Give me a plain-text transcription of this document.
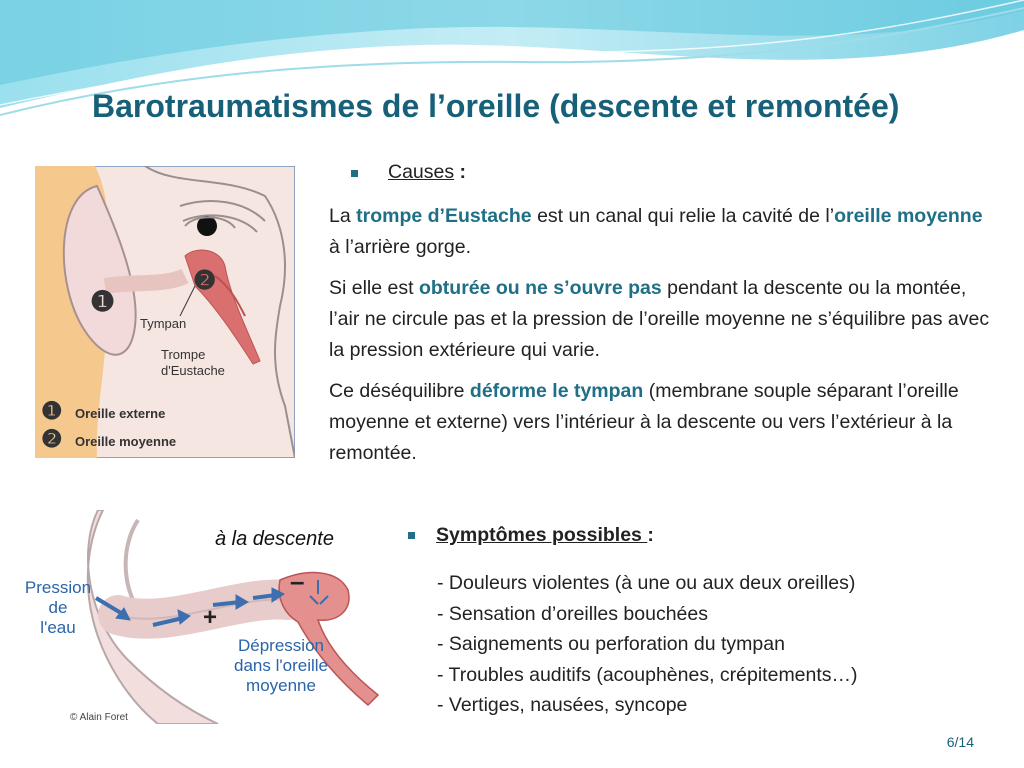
Barotraumatismes de l’oreille (descente et remontée)
❶
❷
Tympan
Trompe
d'Eustache
❶ Oreille externe
❷ Oreille moyenne
Causes :

La trompe d’Eustache est un canal qui relie la cavité de l’oreille moyenne à l’arrière gorge.

Si elle est obturée ou ne s’ouvre pas pendant la descente ou la montée, l’air ne circule pas et la pression de l’oreille moyenne ne s’équilibre pas avec la pression extérieure qui varie.

Ce déséquilibre déforme le tympan (membrane souple séparant l’oreille moyenne et externe) vers l’intérieur à la descente ou vers l’extérieur à la remontée.

+
–
Pression
de
l'eau
Dépression
dans l'oreille
moyenne
© Alain Foret
à la descente	Symptômes possibles :
- Douleurs violentes (à une ou aux deux oreilles)
- Sensation d’oreilles bouchées
- Saignements ou perforation du tympan
- Troubles auditifs (acouphènes, crépitements…)
- Vertiges, nausées, syncope
6/14
